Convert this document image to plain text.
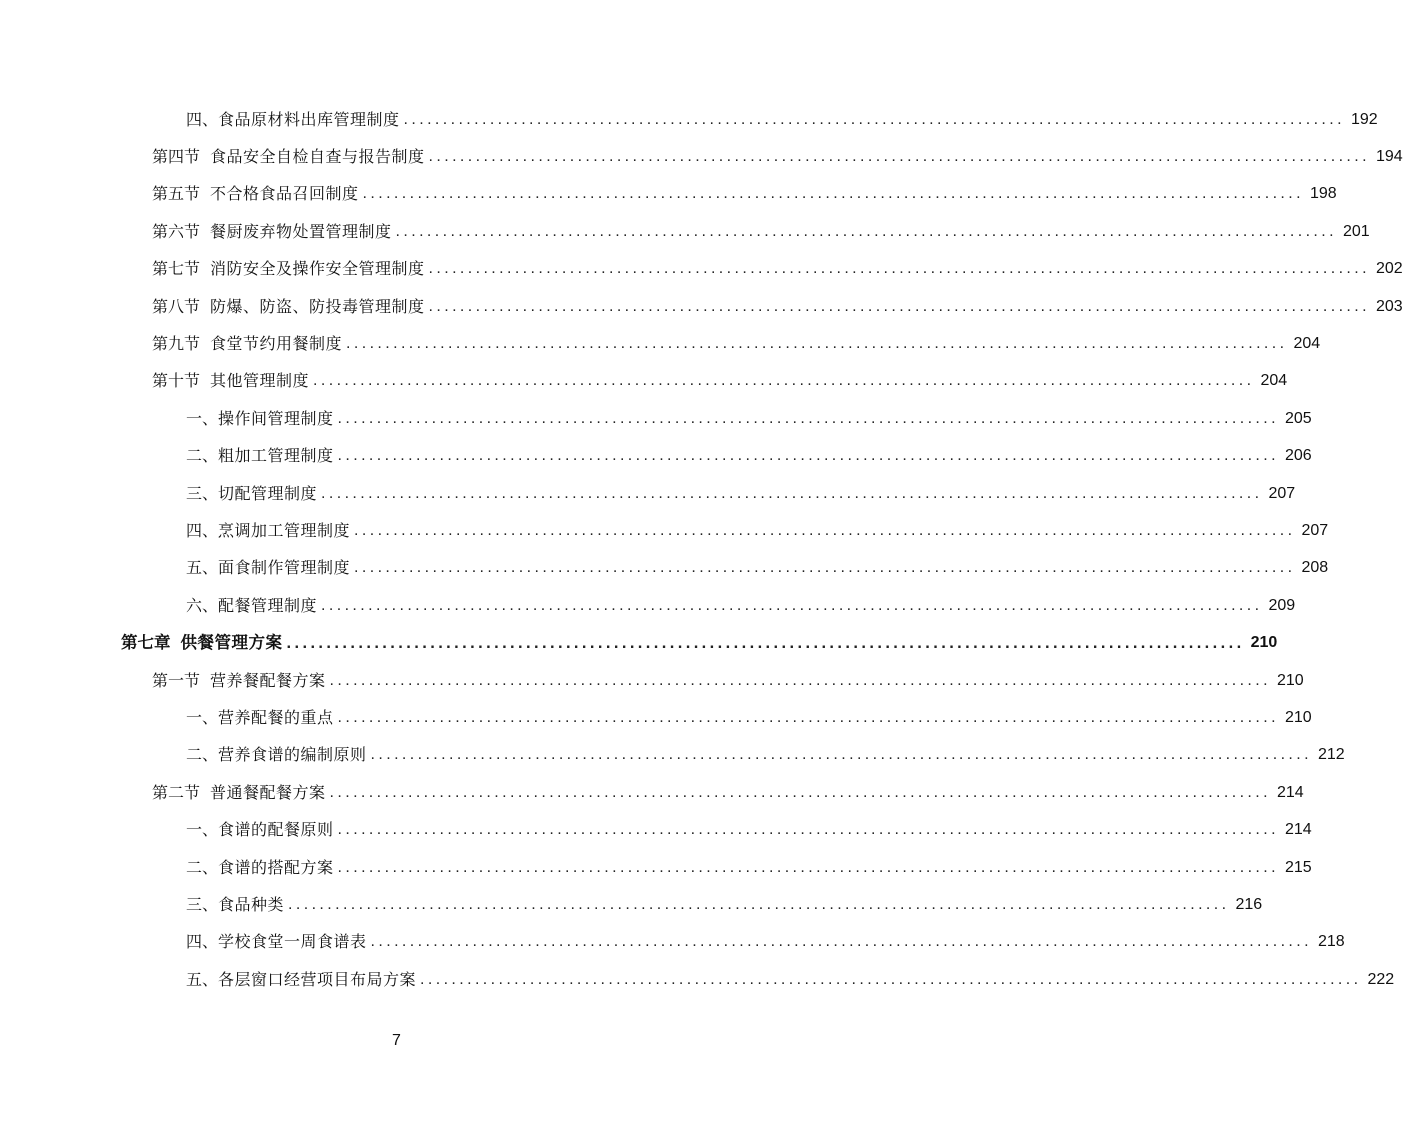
四、 食品原材料出库管理制度 ........................................................................................................................ 192
第四节 食品安全自检自查与报告制度 ........................................................................................................................ 194
第五节 不合格食品召回制度 ........................................................................................................................ 198
第六节 餐厨废弃物处置管理制度 ........................................................................................................................ 201
第七节 消防安全及操作安全管理制度 ........................................................................................................................ 202
第八节 防爆、防盗、防投毒管理制度 ........................................................................................................................ 203
第九节 食堂节约用餐制度 ........................................................................................................................ 204
第十节 其他管理制度 ........................................................................................................................ 204
一、 操作间管理制度 ........................................................................................................................ 205
二、 粗加工管理制度 ........................................................................................................................ 206
三、 切配管理制度 ........................................................................................................................ 207
四、 烹调加工管理制度 ........................................................................................................................ 207
五、 面食制作管理制度 ........................................................................................................................ 208
六、 配餐管理制度 ........................................................................................................................ 209
第七章 供餐管理方案 ........................................................................................................................ 210
第一节 营养餐配餐方案 ........................................................................................................................ 210
一、 营养配餐的重点 ........................................................................................................................ 210
二、 营养食谱的编制原则 ........................................................................................................................ 212
第二节 普通餐配餐方案 ........................................................................................................................ 214
一、 食谱的配餐原则 ........................................................................................................................ 214
二、 食谱的搭配方案 ........................................................................................................................ 215
三、 食品种类 ........................................................................................................................ 216
四、 学校食堂一周食谱表 ........................................................................................................................ 218
五、 各层窗口经营项目布局方案 ........................................................................................................................ 222
7
